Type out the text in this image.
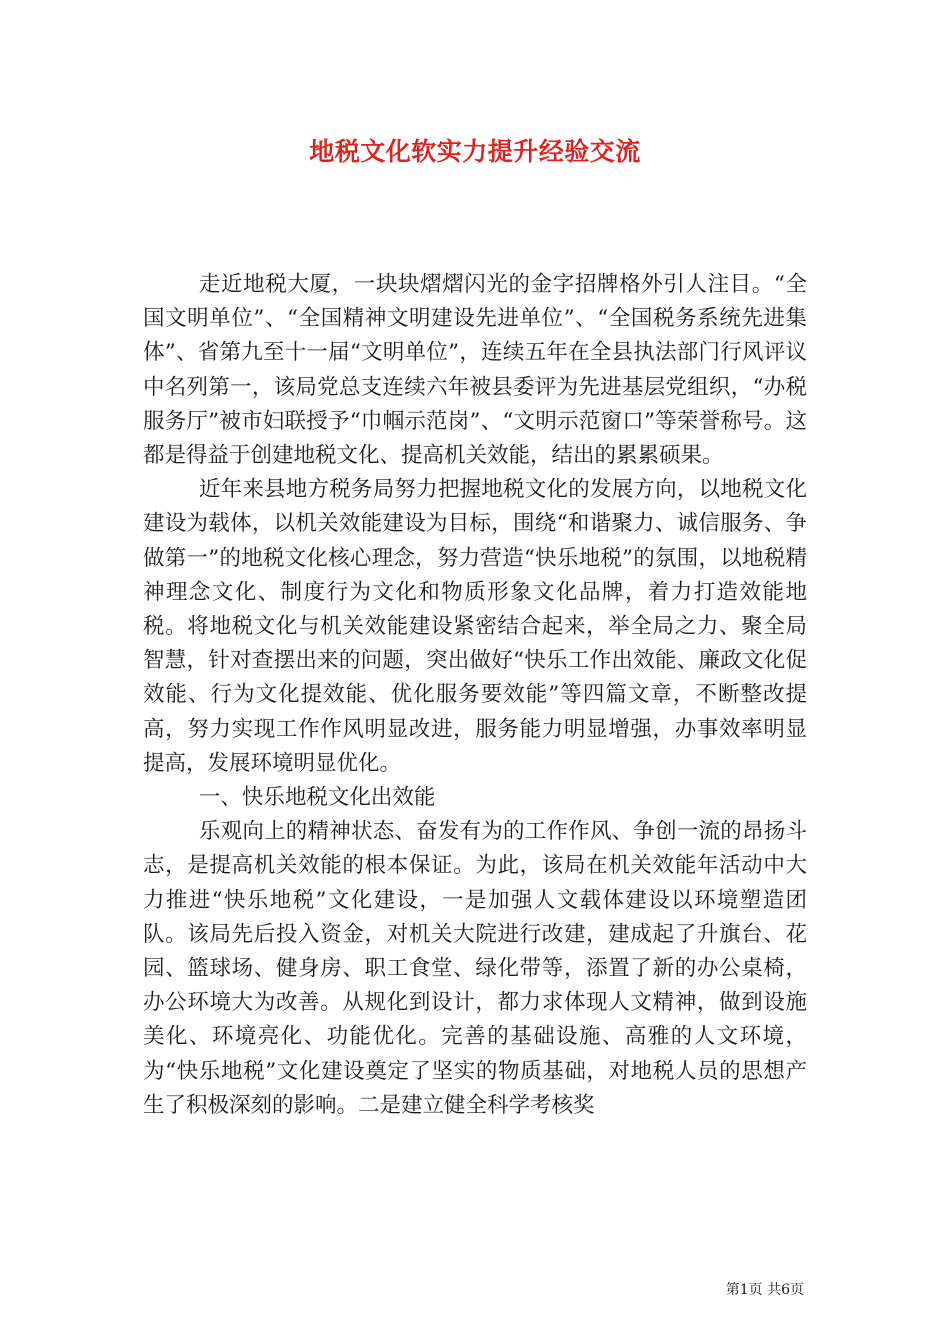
地税文化软实力提升经验交流

走近地税大厦，一块块熠熠闪光的金字招牌格外引人注目。“全国文明单位”、“全国精神文明建设先进单位”、“全国税务系统先进集体”、省第九至十一届“文明单位”，连续五年在全县执法部门行风评议中名列第一，该局党总支连续六年被县委评为先进基层党组织，“办税服务厅”被市妇联授予“巾帼示范岗”、“文明示范窗口”等荣誉称号。这都是得益于创建地税文化、提高机关效能，结出的累累硕果。

近年来县地方税务局努力把握地税文化的发展方向，以地税文化建设为载体，以机关效能建设为目标，围绕“和谐聚力、诚信服务、争做第一”的地税文化核心理念，努力营造“快乐地税”的氛围，以地税精神理念文化、制度行为文化和物质形象文化品牌，着力打造效能地税。将地税文化与机关效能建设紧密结合起来，举全局之力、聚全局智慧，针对查摆出来的问题，突出做好“快乐工作出效能、廉政文化促效能、行为文化提效能、优化服务要效能”等四篇文章，不断整改提高，努力实现工作作风明显改进，服务能力明显增强，办事效率明显提高，发展环境明显优化。

一、快乐地税文化出效能

乐观向上的精神状态、奋发有为的工作作风、争创一流的昂扬斗志，是提高机关效能的根本保证。为此，该局在机关效能年活动中大力推进“快乐地税”文化建设，一是加强人文载体建设以环境塑造团队。该局先后投入资金，对机关大院进行改建，建成起了升旗台、花园、篮球场、健身房、职工食堂、绿化带等，添置了新的办公桌椅，办公环境大为改善。从规化到设计，都力求体现人文精神，做到设施美化、环境亮化、功能优化。完善的基础设施、高雅的人文环境，为“快乐地税”文化建设奠定了坚实的物质基础，对地税人员的思想产生了积极深刻的影响。二是建立健全科学考核奖

第1页 共6页
